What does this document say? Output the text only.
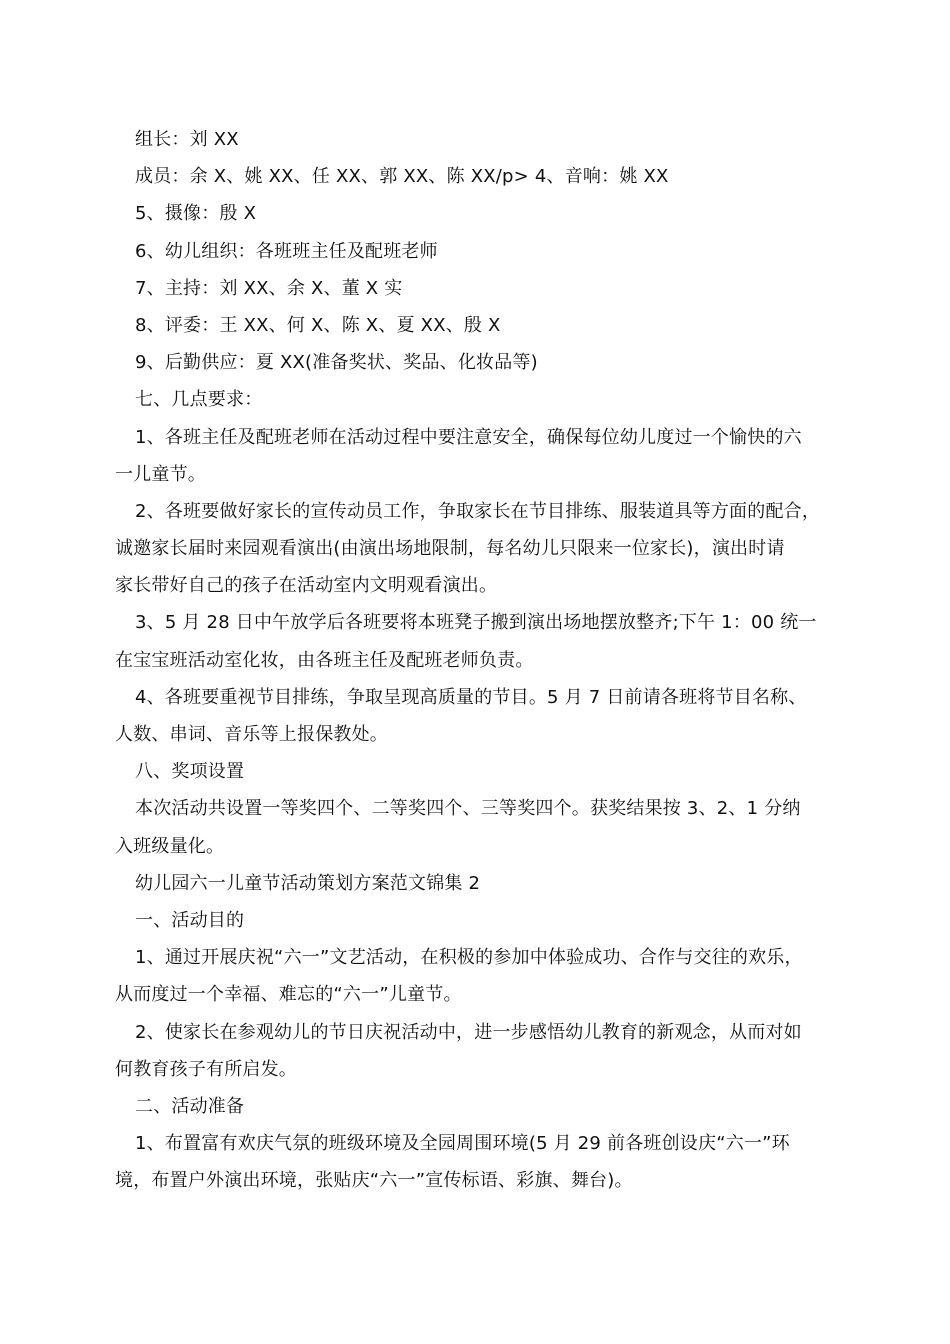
组长：刘 XX
成员：余 X、姚 XX、任 XX、郭 XX、陈 XX/p> 4、音响：姚 XX
5、摄像：殷 X
6、幼儿组织：各班班主任及配班老师
7、主持：刘 XX、余 X、董 X 实
8、评委：王 XX、何 X、陈 X、夏 XX、殷 X
9、后勤供应：夏 XX(准备奖状、奖品、化妆品等)
七、几点要求：
1、各班主任及配班老师在活动过程中要注意安全，确保每位幼儿度过一个愉快的六
一儿童节。
2、各班要做好家长的宣传动员工作，争取家长在节目排练、服装道具等方面的配合，
诚邀家长届时来园观看演出(由演出场地限制，每名幼儿只限来一位家长)，演出时请
家长带好自己的孩子在活动室内文明观看演出。
3、5 月 28 日中午放学后各班要将本班凳子搬到演出场地摆放整齐;下午 1：00 统一
在宝宝班活动室化妆，由各班主任及配班老师负责。
4、各班要重视节目排练，争取呈现高质量的节目。5 月 7 日前请各班将节目名称、
人数、串词、音乐等上报保教处。
八、奖项设置
本次活动共设置一等奖四个、二等奖四个、三等奖四个。获奖结果按 3、2、1 分纳
入班级量化。
幼儿园六一儿童节活动策划方案范文锦集 2
一、活动目的
1、通过开展庆祝“六一”文艺活动，在积极的参加中体验成功、合作与交往的欢乐，
从而度过一个幸福、难忘的“六一”儿童节。
2、使家长在参观幼儿的节日庆祝活动中，进一步感悟幼儿教育的新观念，从而对如
何教育孩子有所启发。
二、活动准备
1、布置富有欢庆气氛的班级环境及全园周围环境(5 月 29 前各班创设庆“六一”环
境，布置户外演出环境，张贴庆“六一”宣传标语、彩旗、舞台)。
